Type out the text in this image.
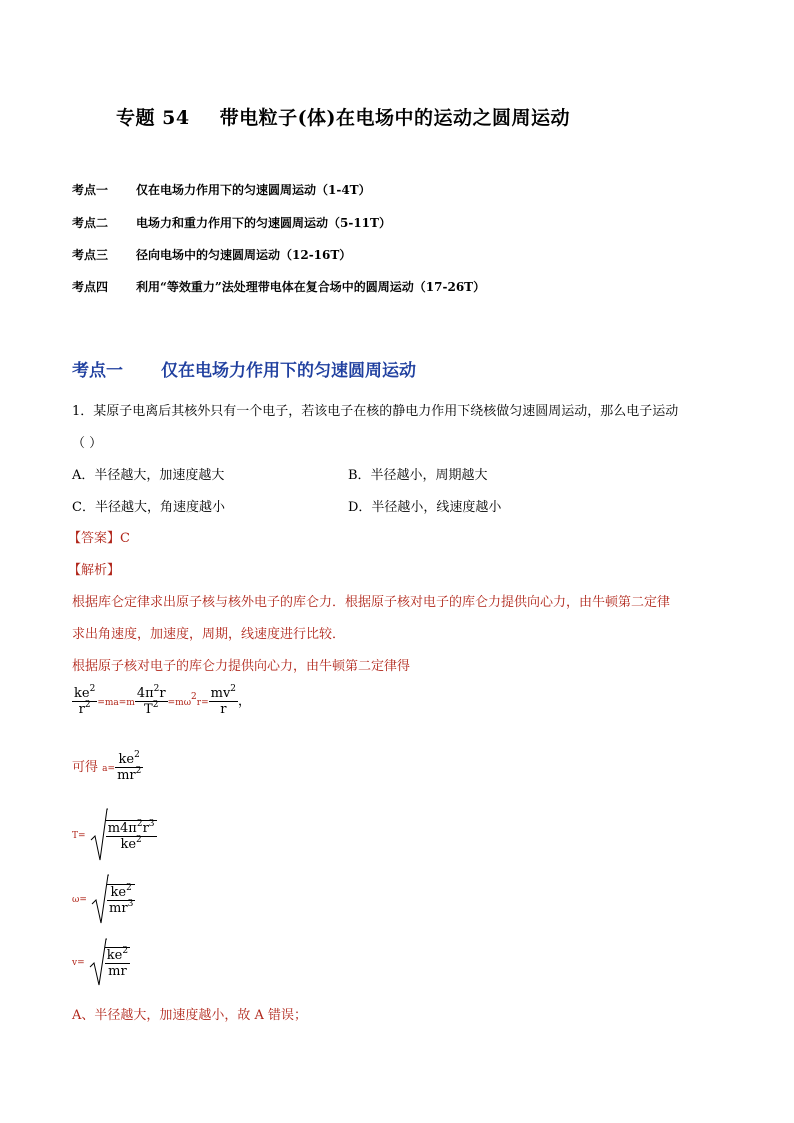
专题 54 带电粒子(体)在电场中的运动之圆周运动
考点一 仅在电场力作用下的匀速圆周运动（1-4T）
考点二 电场力和重力作用下的匀速圆周运动（5-11T）
考点三 径向电场中的匀速圆周运动（12-16T）
考点四 利用“等效重力”法处理带电体在复合场中的圆周运动（17-26T）
考点一 仅在电场力作用下的匀速圆周运动
1．某原子电离后其核外只有一个电子，若该电子在核的静电力作用下绕核做匀速圆周运动，那么电子运动
（ ）
A．半径越大，加速度越大	B．半径越小，周期越大
C．半径越大，角速度越小	D．半径越小，线速度越小
【答案】C
【解析】
根据库仑定律求出原子核与核外电子的库仑力．根据原子核对电子的库仑力提供向心力，由牛顿第二定律
求出角速度，加速度，周期，线速度进行比较．
根据原子核对电子的库仑力提供向心力，由牛顿第二定律得
$\frac{ke^2}{r^2} =ma=m \frac{4\pi^2r}{T^2} =m\omega^2r= \frac{mv^2}{r}$ ，
可得 $a= \frac{ke^2}{mr^2}$
$T= \frac{m4\pi^2r^3}{ke^2}$
$\omega= \frac{ke^2}{mr^3}$
$v= \frac{ke^2}{mr}$
A、半径越大，加速度越小，故 A 错误；
